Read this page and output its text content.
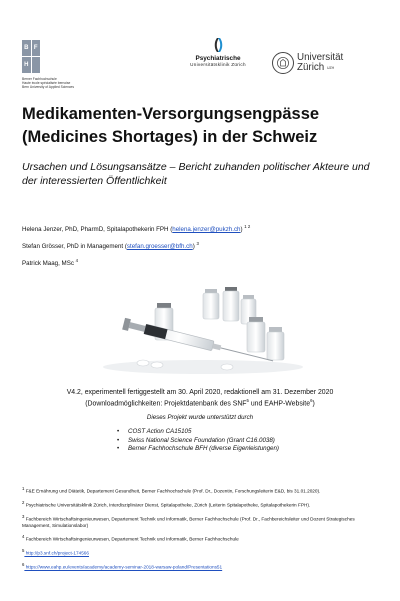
B F
H
Berner Fachhochschule
Haute école spécialisée bernoise
Bern University of Applied Sciences
()
Psychiatrische
Universitätsklinik Zürich
Universität
Zürich $^{UZH}$
Medikamenten-Versorgungsengpässe
(Medicines Shortages) in der Schweiz
Ursachen und Lösungsansätze – Bericht zuhanden politischer Akteure und
der interessierten Öffentlichkeit
Helena Jenzer, PhD, PharmD, Spitalapothekerin FPH (helena.jenzer@pukzh.ch) $^{1 2}$
Stefan Grösser, PhD in Management (stefan.groesser@bfh.ch) $^3$
Patrick Maag, MSc $^4$
V4.2, experimentell fertiggestellt am 30. April 2020, redaktionell am 31. Dezember 2020
(Downloadmöglichkeiten: Projektdatenbank des SNF$^5$ und EAHP-Website$^6$)
Dieses Projekt wurde unterstützt durch
• COST Action CA15105
• Swiss National Science Foundation (Grant C16.0038)
• Berner Fachhochschule BFH (diverse Eigenleistungen)
1 F&E Ernährung und Diätetik, Departement Gesundheit, Berner Fachhochschule (Prof. Dr., Dozentin, Forschungsleiterin E&D, bis 31.01.2020).
2 Psychiatrische Universitätsklinik Zürich, Interdisziplinärer Dienst, Spitalapotheke, Zürich (Leiterin Spitalapotheke, Spitalapothekerin FPH).
3 Fachbereich Wirtschaftsingenieurwesen, Departement Technik und Informatik, Berner Fachhochschule (Prof. Dr., Fachbereichsleiter und Dozent Strategisches Management, Simulationslabor)
4 Fachbereich Wirtschaftsingenieurwesen, Departement Technik und Informatik, Berner Fachhochschule
5 http://p3.snf.ch/project-174566
6 https://www.eahp.eu/events/academy/academy-seminar-2018-warsaw-poland/Presentations51
